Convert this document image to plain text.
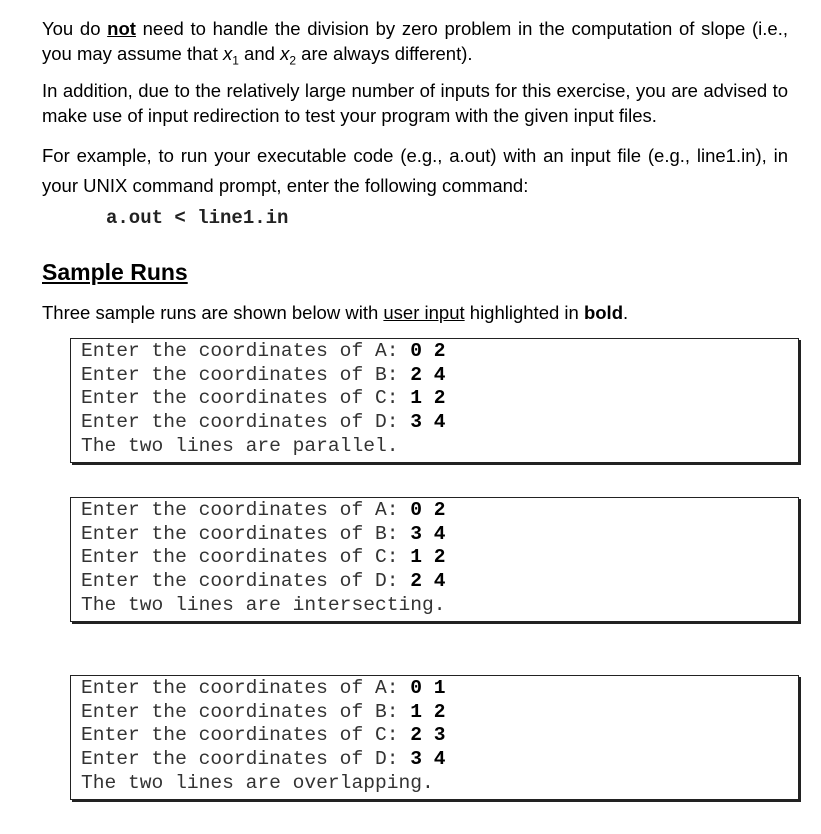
You do not need to handle the division by zero problem in the computation of slope (i.e., you may assume that $x_1$ and $x_2$ are always different).

In addition, due to the relatively large number of inputs for this exercise, you are advised to make use of input redirection to test your program with the given input files.

For example, to run your executable code (e.g., a.out) with an input file (e.g., line1.in), in your UNIX command prompt, enter the following command:

a.out < line1.in
Sample Runs

Three sample runs are shown below with user input highlighted in bold.

Enter the coordinates of A: 0 2
Enter the coordinates of B: 2 4
Enter the coordinates of C: 1 2
Enter the coordinates of D: 3 4
The two lines are parallel.
Enter the coordinates of A: 0 2
Enter the coordinates of B: 3 4
Enter the coordinates of C: 1 2
Enter the coordinates of D: 2 4
The two lines are intersecting.
Enter the coordinates of A: 0 1
Enter the coordinates of B: 1 2
Enter the coordinates of C: 2 3
Enter the coordinates of D: 3 4
The two lines are overlapping.
